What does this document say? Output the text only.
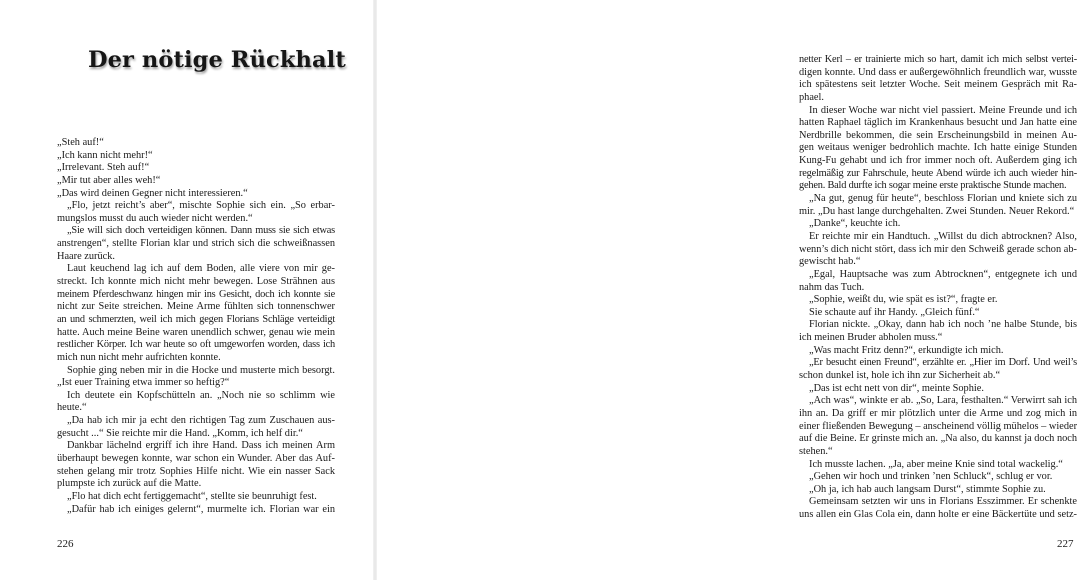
Der nötige Rückhalt
„Steh auf!“
„Ich kann nicht mehr!“
„Irrelevant. Steh auf!“
„Mir tut aber alles weh!“
„Das wird deinen Gegner nicht interessieren.“
„Flo, jetzt reicht’s aber“, mischte Sophie sich ein. „So erbar-
mungslos musst du auch wieder nicht werden.“
„Sie will sich doch verteidigen können. Dann muss sie sich etwas
anstrengen“, stellte Florian klar und strich sich die schweißnassen
Haare zurück.
Laut keuchend lag ich auf dem Boden, alle viere von mir ge-
streckt. Ich konnte mich nicht mehr bewegen. Lose Strähnen aus
meinem Pferdeschwanz hingen mir ins Gesicht, doch ich konnte sie
nicht zur Seite streichen. Meine Arme fühlten sich tonnenschwer
an und schmerzten, weil ich mich gegen Florians Schläge verteidigt
hatte. Auch meine Beine waren unendlich schwer, genau wie mein
restlicher Körper. Ich war heute so oft umgeworfen worden, dass ich
mich nun nicht mehr aufrichten konnte.
Sophie ging neben mir in die Hocke und musterte mich besorgt.
„Ist euer Training etwa immer so heftig?“
Ich deutete ein Kopfschütteln an. „Noch nie so schlimm wie
heute.“
„Da hab ich mir ja echt den richtigen Tag zum Zuschauen aus-
gesucht ...“ Sie reichte mir die Hand. „Komm, ich helf dir.“
Dankbar lächelnd ergriff ich ihre Hand. Dass ich meinen Arm
überhaupt bewegen konnte, war schon ein Wunder. Aber das Auf-
stehen gelang mir trotz Sophies Hilfe nicht. Wie ein nasser Sack
plumpste ich zurück auf die Matte.
„Flo hat dich echt fertiggemacht“, stellte sie beunruhigt fest.
„Dafür hab ich einiges gelernt“, murmelte ich. Florian war ein
226
netter Kerl – er trainierte mich so hart, damit ich mich selbst vertei-
digen konnte. Und dass er außergewöhnlich freundlich war, wusste
ich spätestens seit letzter Woche. Seit meinem Gespräch mit Ra-
phael.
In dieser Woche war nicht viel passiert. Meine Freunde und ich
hatten Raphael täglich im Krankenhaus besucht und Jan hatte eine
Nerdbrille bekommen, die sein Erscheinungsbild in meinen Au-
gen weitaus weniger bedrohlich machte. Ich hatte einige Stunden
Kung-Fu gehabt und ich fror immer noch oft. Außerdem ging ich
regelmäßig zur Fahrschule, heute Abend würde ich auch wieder hin-
gehen. Bald durfte ich sogar meine erste praktische Stunde machen.
„Na gut, genug für heute“, beschloss Florian und kniete sich zu
mir. „Du hast lange durchgehalten. Zwei Stunden. Neuer Rekord.“
„Danke“, keuchte ich.
Er reichte mir ein Handtuch. „Willst du dich abtrocknen? Also,
wenn’s dich nicht stört, dass ich mir den Schweiß gerade schon ab-
gewischt hab.“
„Egal, Hauptsache was zum Abtrocknen“, entgegnete ich und
nahm das Tuch.
„Sophie, weißt du, wie spät es ist?“, fragte er.
Sie schaute auf ihr Handy. „Gleich fünf.“
Florian nickte. „Okay, dann hab ich noch ’ne halbe Stunde, bis
ich meinen Bruder abholen muss.“
„Was macht Fritz denn?“, erkundigte ich mich.
„Er besucht einen Freund“, erzählte er. „Hier im Dorf. Und weil’s
schon dunkel ist, hole ich ihn zur Sicherheit ab.“
„Das ist echt nett von dir“, meinte Sophie.
„Ach was“, winkte er ab. „So, Lara, festhalten.“ Verwirrt sah ich
ihn an. Da griff er mir plötzlich unter die Arme und zog mich in
einer fließenden Bewegung – anscheinend völlig mühelos – wieder
auf die Beine. Er grinste mich an. „Na also, du kannst ja doch noch
stehen.“
Ich musste lachen. „Ja, aber meine Knie sind total wackelig.“
„Gehen wir hoch und trinken ’nen Schluck“, schlug er vor.
„Oh ja, ich hab auch langsam Durst“, stimmte Sophie zu.
Gemeinsam setzten wir uns in Florians Esszimmer. Er schenkte
uns allen ein Glas Cola ein, dann holte er eine Bäckertüte und setz-
227
